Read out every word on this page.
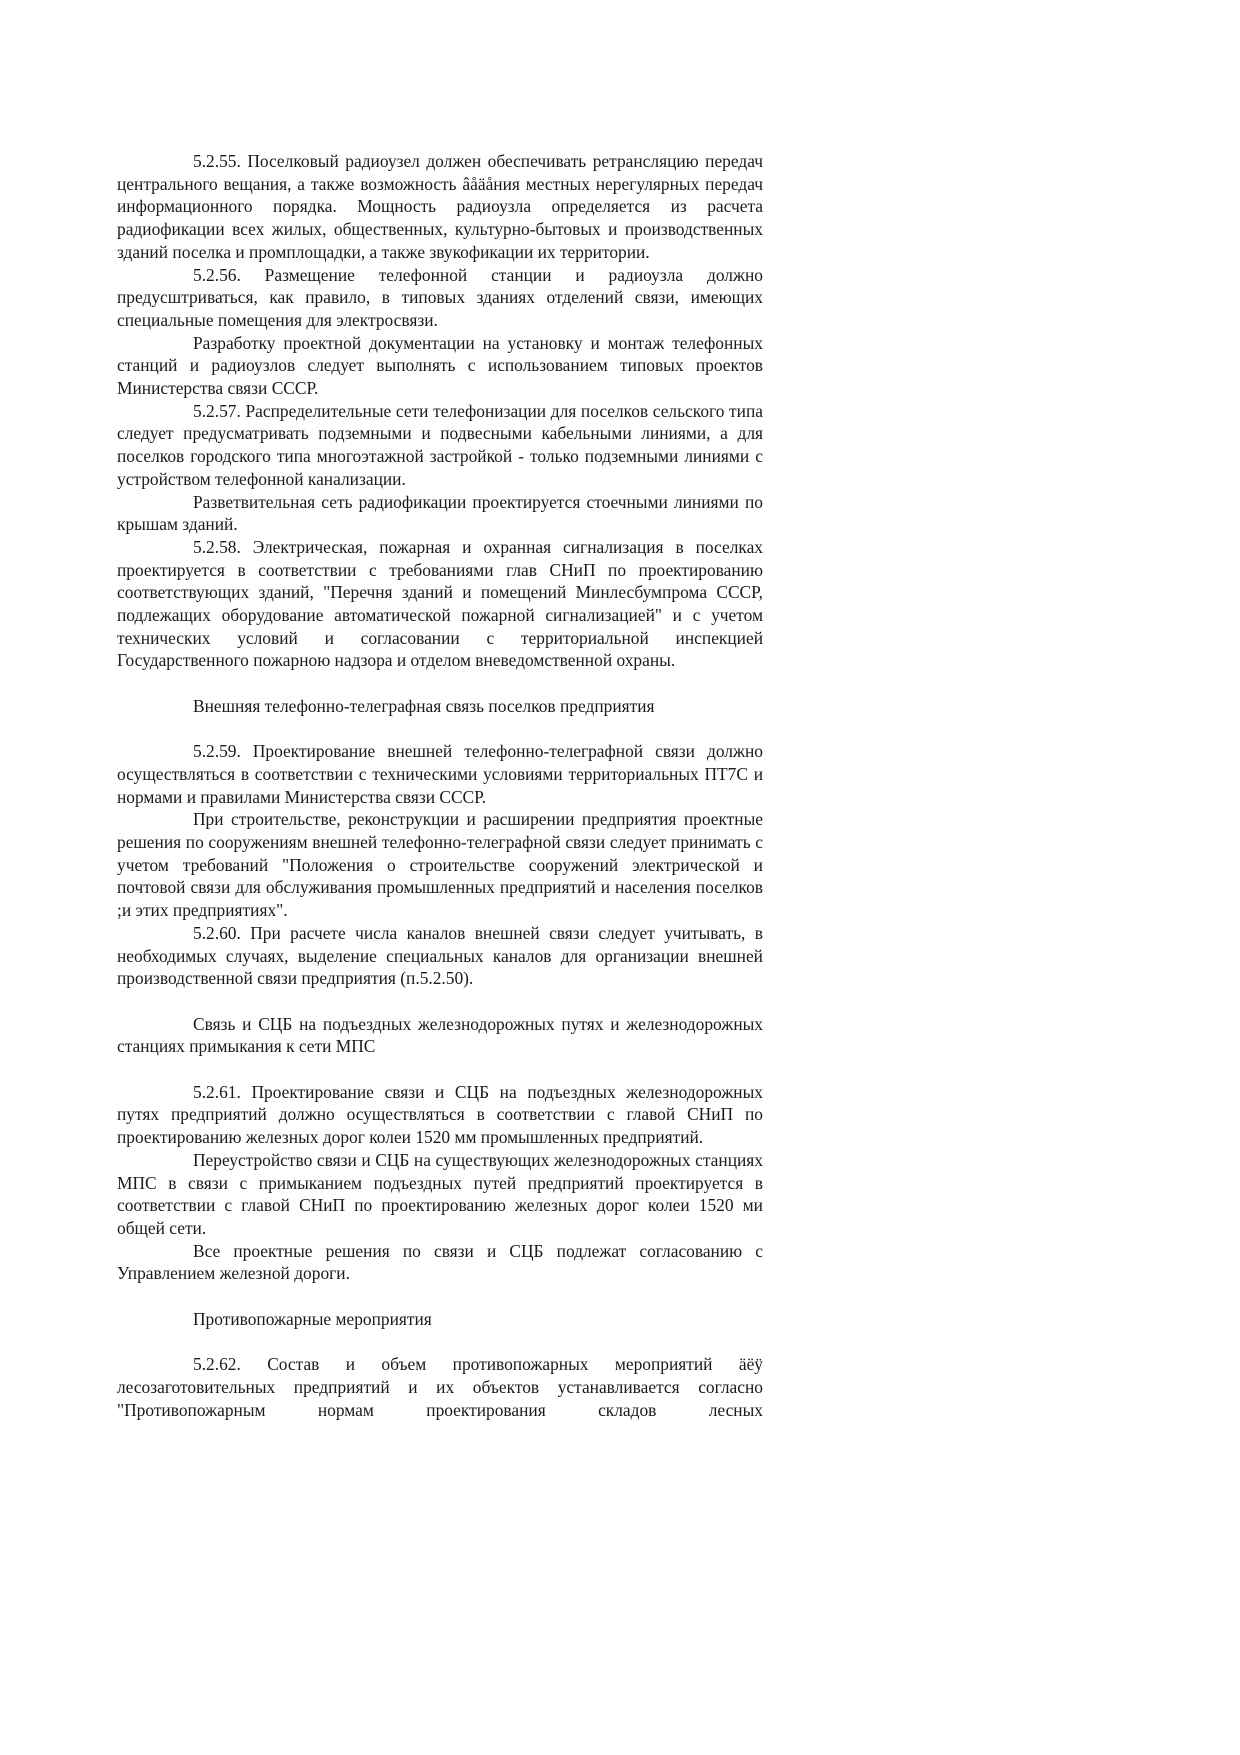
5.2.55. Поселковый радиоузел должен обеспечивать ретрансляцию передач центрального вещания, а также возможность âåäåния местных нерегулярных передач информационного порядка. Мощность радиоузла определяется из расчета радиофикации всех жилых, общественных, культурно-бытовых и производственных зданий поселка и промплощадки, а также звукофикации их территории.

5.2.56. Размещение телефонной станции и радиоузла должно предусштриваться, как правило, в типовых зданиях отделений связи, имеющих специальные помещения для электросвязи.

Разработку проектной документации на установку и монтаж телефонных станций и радиоузлов следует выполнять с использованием типовых проектов Министерства связи СССР.

5.2.57. Распределительные сети телефонизации для поселков сельского типа следует предусматривать подземными и подвесными кабельными линиями, а для поселков городского типа многоэтажной застройкой - только подземными линиями с устройством телефонной канализации.

Разветвительная сеть радиофикации проектируется стоечными линиями по крышам зданий.

5.2.58. Электрическая, пожарная и охранная сигнализация в поселках проектируется в соответствии с требованиями глав СНиП по проектированию соответствующих зданий, "Перечня зданий и помещений Минлесбумпрома СССР, подлежащих оборудование автоматической пожарной сигнализацией" и с учетом технических условий и согласовании с территориальной инспекцией Государственного пожарною надзора и отделом вневедомственной охраны.

Внешняя телефонно-телеграфная связь поселков предприятия

5.2.59. Проектирование внешней телефонно-телеграфной связи должно осуществляться в соответствии с техническими условиями территориальных ПТ7С и нормами и правилами Министерства связи СССР.

При строительстве, реконструкции и расширении предприятия проектные решения по сооружениям внешней телефонно-телеграфной связи следует принимать с учетом требований "Положения о строительстве сооружений электрической и почтовой связи для обслуживания промышленных предприятий и населения поселков ;и этих предприятиях".

5.2.60. При расчете числа каналов внешней связи следует учитывать, в необходимых случаях, выделение специальных каналов для организации внешней производственной связи предприятия (п.5.2.50).

Связь и СЦБ на подъездных железнодорожных путях и железнодорожных станциях примыкания к сети МПС

5.2.61. Проектирование связи и СЦБ на подъездных железнодорожных путях предприятий должно осуществляться в соответствии с главой СНиП по проектированию железных дорог колеи 1520 мм промышленных предприятий.

Переустройство связи и СЦБ на существующих железнодорожных станциях МПС в связи с примыканием подъездных путей предприятий проектируется в соответствии с главой СНиП по проектированию железных дорог колеи 1520 ми общей сети.

Все проектные решения по связи и СЦБ подлежат согласованию с Управлением железной дороги.

Противопожарные мероприятия

5.2.62. Состав и объем противопожарных мероприятий äëÿ лесозаготовительных предприятий и их объектов устанавливается согласно "Противопожарным нормам проектирования складов лесных
